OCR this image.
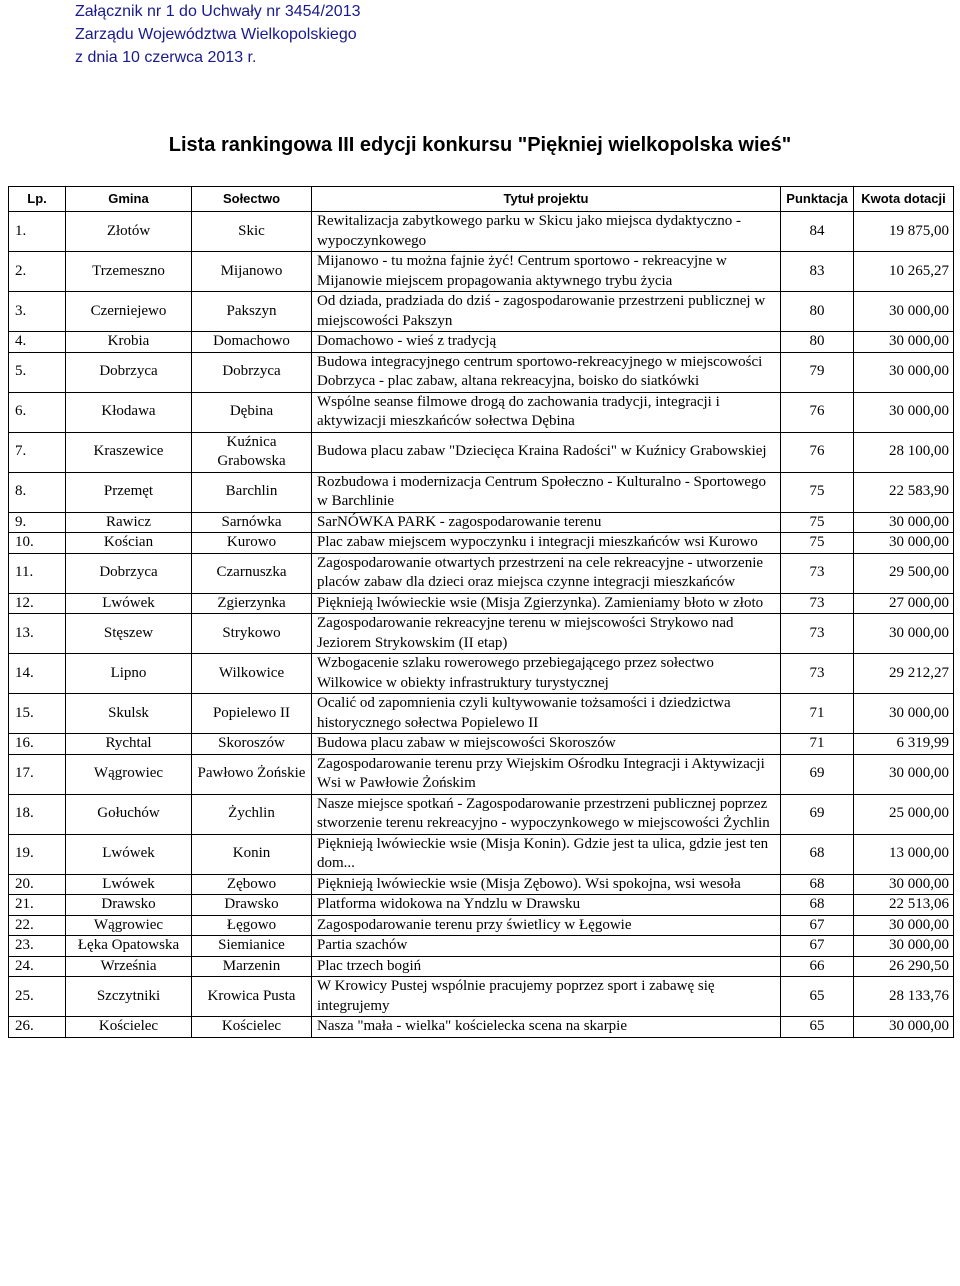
Załącznik nr 1 do Uchwały nr 3454/2013
Zarządu Województwa Wielkopolskiego
z dnia 10 czerwca 2013 r.
Lista rankingowa III edycji konkursu "Piękniej wielkopolska wieś"
Lp.	Gmina	Sołectwo	Tytuł projektu	Punktacja	Kwota dotacji
1.	Złotów	Skic	Rewitalizacja zabytkowego parku w Skicu jako miejsca dydaktyczno - wypoczynkowego	84	19 875,00
2.	Trzemeszno	Mijanowo	Mijanowo - tu można fajnie żyć! Centrum sportowo - rekreacyjne w Mijanowie miejscem propagowania aktywnego trybu życia	83	10 265,27
3.	Czerniejewo	Pakszyn	Od dziada, pradziada do dziś - zagospodarowanie przestrzeni publicznej w miejscowości Pakszyn	80	30 000,00
4.	Krobia	Domachowo	Domachowo - wieś z tradycją	80	30 000,00
5.	Dobrzyca	Dobrzyca	Budowa integracyjnego centrum sportowo-rekreacyjnego w miejscowości Dobrzyca - plac zabaw, altana rekreacyjna, boisko do siatkówki	79	30 000,00
6.	Kłodawa	Dębina	Wspólne seanse filmowe drogą do zachowania tradycji, integracji i aktywizacji mieszkańców sołectwa Dębina	76	30 000,00
7.	Kraszewice	Kuźnica Grabowska	Budowa placu zabaw "Dziecięca Kraina Radości" w Kuźnicy Grabowskiej	76	28 100,00
8.	Przemęt	Barchlin	Rozbudowa i modernizacja Centrum Społeczno - Kulturalno - Sportowego w Barchlinie	75	22 583,90
9.	Rawicz	Sarnówka	SarNÓWKA PARK - zagospodarowanie terenu	75	30 000,00
10.	Kościan	Kurowo	Plac zabaw miejscem wypoczynku i integracji mieszkańców wsi Kurowo	75	30 000,00
11.	Dobrzyca	Czarnuszka	Zagospodarowanie otwartych przestrzeni na cele rekreacyjne - utworzenie placów zabaw dla dzieci oraz miejsca czynne integracji mieszkańców	73	29 500,00
12.	Lwówek	Zgierzynka	Pięknieją lwówieckie wsie (Misja Zgierzynka). Zamieniamy błoto w złoto	73	27 000,00
13.	Stęszew	Strykowo	Zagospodarowanie rekreacyjne terenu w miejscowości Strykowo nad Jeziorem Strykowskim (II etap)	73	30 000,00
14.	Lipno	Wilkowice	Wzbogacenie szlaku rowerowego przebiegającego przez sołectwo Wilkowice w obiekty infrastruktury turystycznej	73	29 212,27
15.	Skulsk	Popielewo II	Ocalić od zapomnienia czyli kultywowanie tożsamości i dziedzictwa historycznego sołectwa Popielewo II	71	30 000,00
16.	Rychtal	Skoroszów	Budowa placu zabaw w miejscowości Skoroszów	71	6 319,99
17.	Wągrowiec	Pawłowo Żońskie	Zagospodarowanie terenu przy Wiejskim Ośrodku Integracji i Aktywizacji Wsi w Pawłowie Żońskim	69	30 000,00
18.	Gołuchów	Żychlin	Nasze miejsce spotkań - Zagospodarowanie przestrzeni publicznej poprzez stworzenie terenu rekreacyjno - wypoczynkowego w miejscowości Żychlin	69	25 000,00
19.	Lwówek	Konin	Pięknieją lwówieckie wsie (Misja Konin). Gdzie jest ta ulica, gdzie jest ten dom...	68	13 000,00
20.	Lwówek	Zębowo	Pięknieją lwówieckie wsie (Misja Zębowo). Wsi spokojna, wsi wesoła	68	30 000,00
21.	Drawsko	Drawsko	Platforma widokowa na Yndzlu w Drawsku	68	22 513,06
22.	Wągrowiec	Łęgowo	Zagospodarowanie terenu przy świetlicy w Łęgowie	67	30 000,00
23.	Łęka Opatowska	Siemianice	Partia szachów	67	30 000,00
24.	Września	Marzenin	Plac trzech bogiń	66	26 290,50
25.	Szczytniki	Krowica Pusta	W Krowicy Pustej wspólnie pracujemy poprzez sport i zabawę się integrujemy	65	28 133,76
26.	Kościelec	Kościelec	Nasza "mała - wielka" kościelecka scena na skarpie	65	30 000,00
